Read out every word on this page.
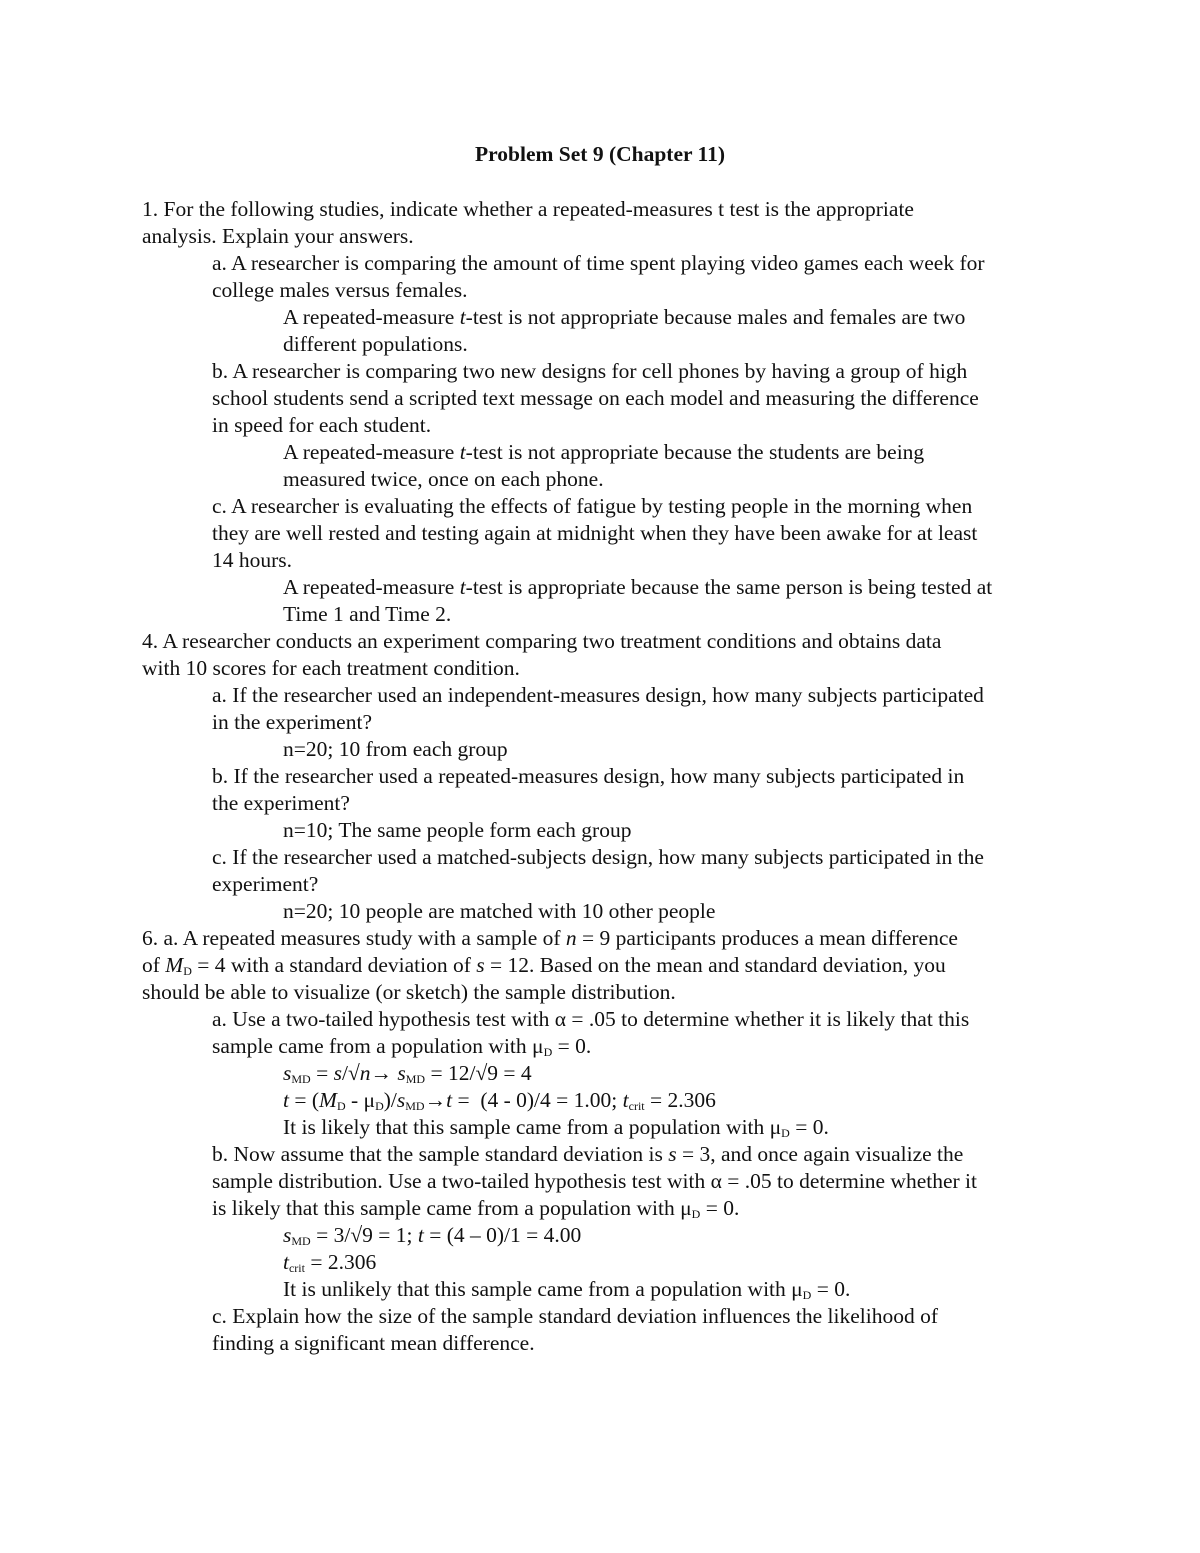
Problem Set 9 (Chapter 11)
1. For the following studies, indicate whether a repeated-measures t test is the appropriate
analysis. Explain your answers.
a. A researcher is comparing the amount of time spent playing video games each week for
college males versus females.
A repeated-measure t-test is not appropriate because males and females are two
different populations.
b. A researcher is comparing two new designs for cell phones by having a group of high
school students send a scripted text message on each model and measuring the difference
in speed for each student.
A repeated-measure t-test is not appropriate because the students are being
measured twice, once on each phone.
c. A researcher is evaluating the effects of fatigue by testing people in the morning when
they are well rested and testing again at midnight when they have been awake for at least
14 hours.
A repeated-measure t-test is appropriate because the same person is being tested at
Time 1 and Time 2.
4. A researcher conducts an experiment comparing two treatment conditions and obtains data
with 10 scores for each treatment condition.
a. If the researcher used an independent-measures design, how many subjects participated
in the experiment?
n=20; 10 from each group
b. If the researcher used a repeated-measures design, how many subjects participated in
the experiment?
n=10; The same people form each group
c. If the researcher used a matched-subjects design, how many subjects participated in the
experiment?
n=20; 10 people are matched with 10 other people
6. a. A repeated measures study with a sample of n = 9 participants produces a mean difference
of $M_D = 4$ with a standard deviation of s = 12. Based on the mean and standard deviation, you
should be able to visualize (or sketch) the sample distribution.
a. Use a two-tailed hypothesis test with α = .05 to determine whether it is likely that this
sample came from a population with $\mu_D = 0$.
$s_{MD} = s/√n\to s_{MD} = 12/√9 = 4$
$t = (M_D - \mu_D)/s_{MD}\to t = (4 - 0)/4 = 1.00$; $t_{crit} = 2.306$
It is likely that this sample came from a population with $\mu_D = 0$.
b. Now assume that the sample standard deviation is s = 3, and once again visualize the
sample distribution. Use a two-tailed hypothesis test with α = .05 to determine whether it
is likely that this sample came from a population with $\mu_D = 0$.
$s_{MD} = 3/√9 = 1$; t = (4 – 0)/1 = 4.00
$t_{crit} = 2.306$
It is unlikely that this sample came from a population with $\mu_D = 0$.
c. Explain how the size of the sample standard deviation influences the likelihood of
finding a significant mean difference.
